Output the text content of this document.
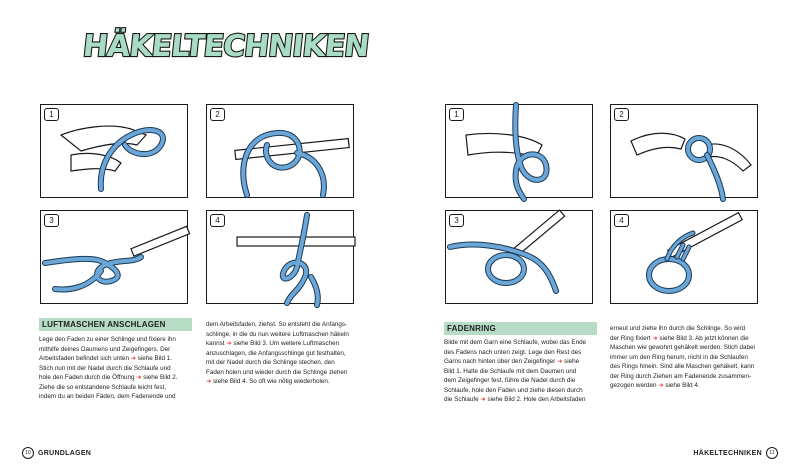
HÄKELTECHNIKEN
1	2
3	4
1	2
3	4
LUFTMASCHEN ANSCHLAGEN
Lege den Faden zu einer Schlinge und fixiere ihn
mithilfe deines Daumens und Zeigefingers. Der
Arbeitsfaden befindet sich unten ➜ siehe Bild 1.
Stich nun mit der Nadel durch die Schlaufe und
hole den Faden durch die Öffnung ➜ siehe Bild 2.
Ziehe die so entstandene Schlaufe leicht fest,
indem du an beiden Fäden, dem Fadenende und
dem Arbeitsfaden, ziehst. So entsteht die Anfangs-
schlinge, in die du nun weitere Luftmaschen häkeln
kannst ➜ siehe Bild 3. Um weitere Luftmaschen
anzuschlagen, die Anfangsschlinge gut festhalten,
mit der Nadel durch die Schlinge stechen, den
Faden holen und wieder durch die Schlinge ziehen
➜ siehe Bild 4. So oft wie nötig wiederholen.
FADENRING
Bilde mit dem Garn eine Schlaufe, wobei das Ende
des Fadens nach unten zeigt. Lege den Rest des
Garns nach hinten über den Zeigefinger ➜ siehe
Bild 1. Halte die Schlaufe mit dem Daumen und
dem Zeigefinger fest, führe die Nadel durch die
Schlaufe, hole den Faden und ziehe diesen durch
die Schlaufe ➜ siehe Bild 2. Hole den Arbeitsfaden
erneut und ziehe ihn durch die Schlinge. So wird
der Ring fixiert ➜ siehe Bild 3. Ab jetzt können die
Maschen wie gewohnt gehäkelt werden. Stich dabei
immer um den Ring herum, nicht in die Schlaufen
des Rings hinein. Sind alle Maschen gehäkelt, kann
der Ring durch Ziehen am Fadenende zusammen-
gezogen werden ➜ siehe Bild 4.
10	GRUNDLAGEN	HÄKELTECHNIKEN	11
